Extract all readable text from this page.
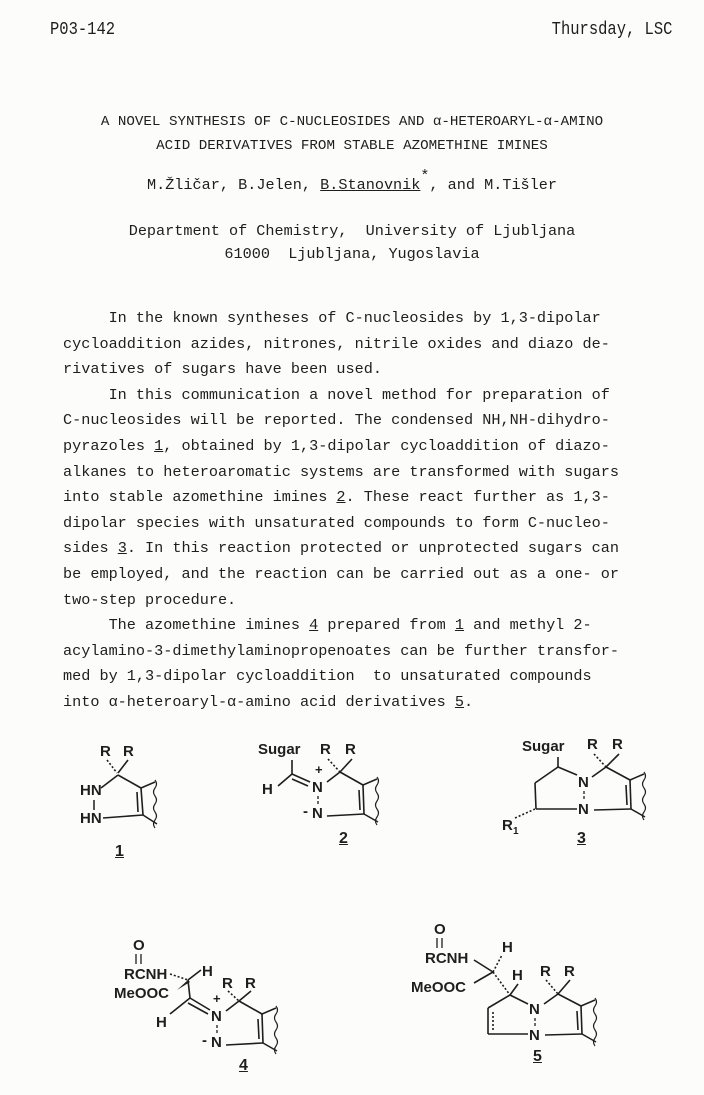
P03-142	Thursday, LSC
A NOVEL SYNTHESIS OF C-NUCLEOSIDES AND α-HETEROARYL-α-AMINO
ACID DERIVATIVES FROM STABLE AZOMETHINE IMINES
M.Žličar, B.Jelen, B.Stanovnik*, and M.Tišler
Department of Chemistry,  University of Ljubljana
61000  Ljubljana, Yugoslavia
In the known syntheses of C-nucleosides by 1,3-dipolar
cycloaddition azides, nitrones, nitrile oxides and diazo de-
rivatives of sugars have been used.
In this communication a novel method for preparation of
C-nucleosides will be reported. The condensed NH,NH-dihydro-
pyrazoles 1, obtained by 1,3-dipolar cycloaddition of diazo-
alkanes to heteroaromatic systems are transformed with sugars
into stable azomethine imines 2. These react further as 1,3-
dipolar species with unsaturated compounds to form C-nucleo-
sides 3. In this reaction protected or unprotected sugars can
be employed, and the reaction can be carried out as a one- or
two-step procedure.
The azomethine imines 4 prepared from 1 and methyl 2-
acylamino-3-dimethylaminopropenoates can be further transfor-
med by 1,3-dipolar cycloaddition  to unsaturated compounds
into α-heteroaryl-α-amino acid derivatives 5.
R R
HN
HN
1
Sugar R R
H
+
N
- N
2
Sugar R R
N
N
R 1	3
O
RCNH
MeOOC
H
H
R R
+
N
- N
4
O
RCNH
MeOOC
H
H R R
N
N
5
